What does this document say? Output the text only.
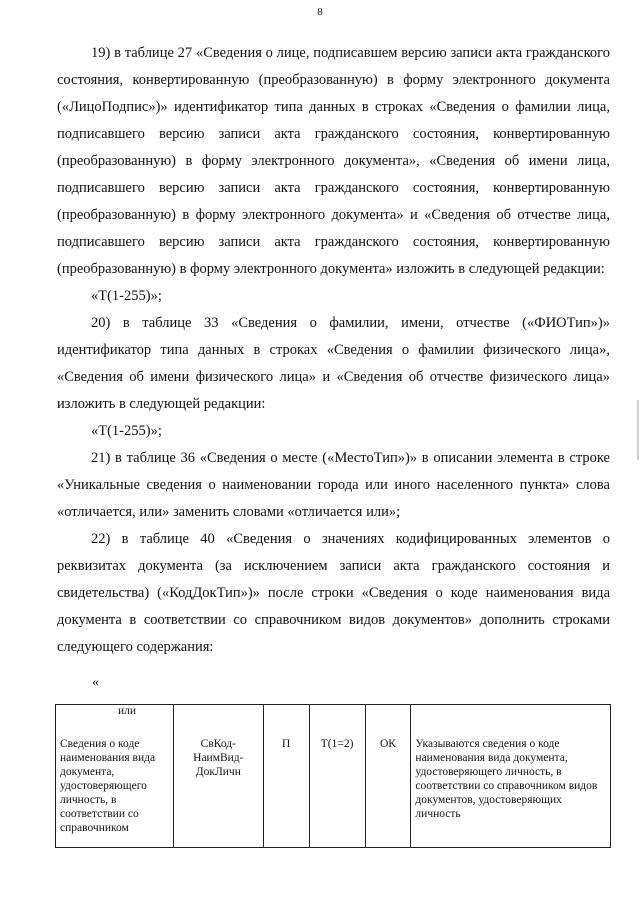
8

19) в таблице 27 «Сведения о лице, подписавшем версию записи акта гражданского состояния, конвертированную (преобразованную) в форму электронного документа («ЛицоПодпис»)» идентификатор типа данных в строках «Сведения о фамилии лица, подписавшего версию записи акта гражданского состояния, конвертированную (преобразованную) в форму электронного документа», «Сведения об имени лица, подписавшего версию записи акта гражданского состояния, конвертированную (преобразованную) в форму электронного документа» и «Сведения об отчестве лица, подписавшего версию записи акта гражданского состояния, конвертированную (преобразованную) в форму электронного документа» изложить в следующей редакции:

«T(1-255)»;

20) в таблице 33 «Сведения о фамилии, имени, отчестве («ФИОТип»)» идентификатор типа данных в строках «Сведения о фамилии физического лица», «Сведения об имени физического лица» и «Сведения об отчестве физического лица» изложить в следующей редакции:

«T(1-255)»;

21) в таблице 36 «Сведения о месте («МестоТип»)» в описании элемента в строке «Уникальные сведения о наименовании города или иного населенного пункта» слова «отличается, или» заменить словами «отличается или»;

22) в таблице 40 «Сведения о значениях кодифицированных элементов о реквизитах документа (за исключением записи акта гражданского состояния и свидетельства) («КодДокТип»)» после строки «Сведения о коде наименования вида документа в соответствии со справочником видов документов» дополнить строками следующего содержания:

«
или					
Сведения о коде наименования вида документа, удостоверяющего личность, в соответствии со справочником	СвКод-НаимВид-ДокЛичн	П	T(1=2)	ОК	Указываются сведения о коде наименования вида документа, удостоверяющего личность, в соответствии со справочником видов документов, удостоверяющих личность
